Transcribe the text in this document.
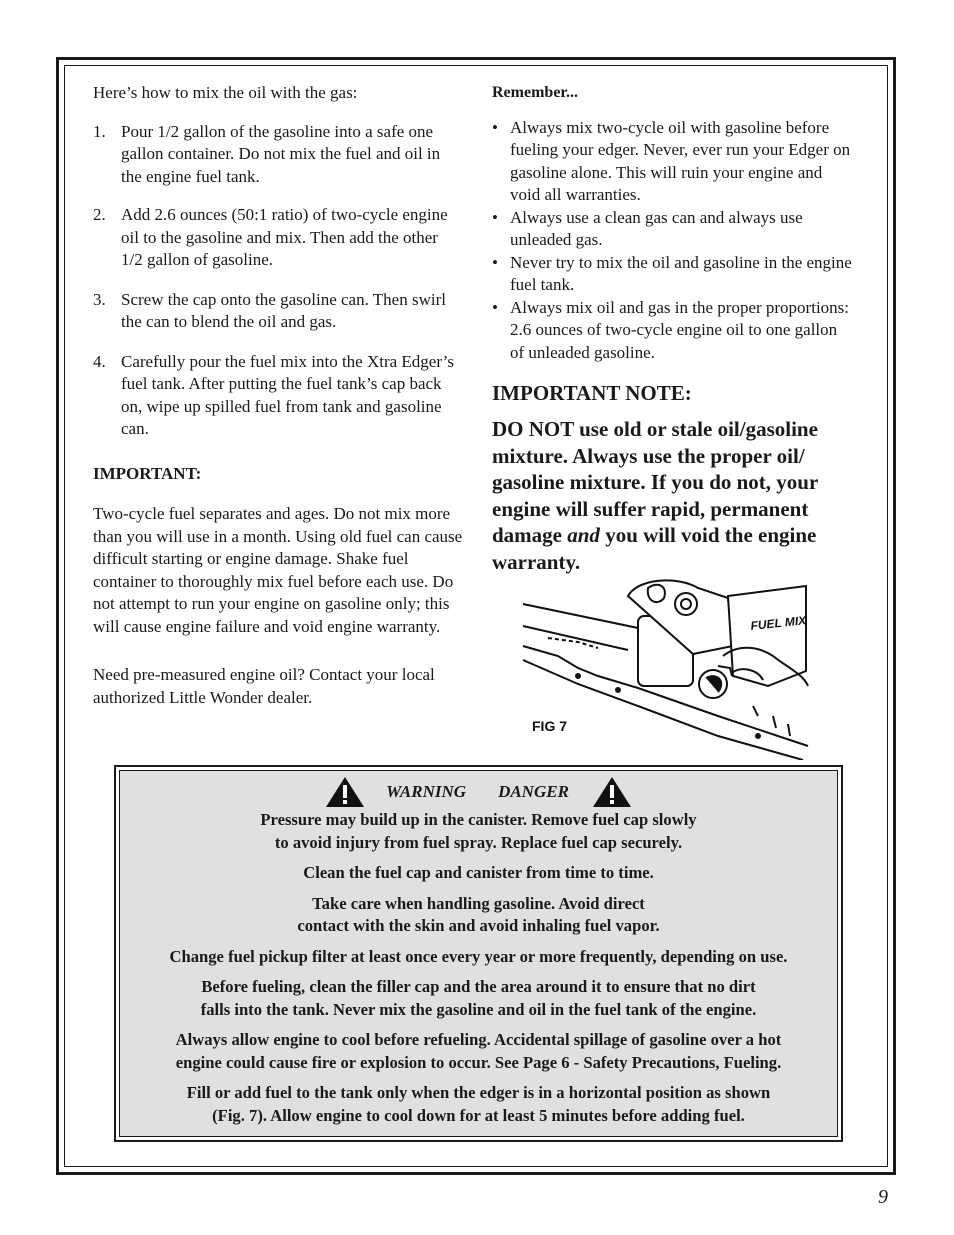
Here’s how to mix the oil with the gas:

1. Pour 1/2 gallon of the gasoline into a safe one gallon container. Do not mix the fuel and oil in the engine fuel tank.
2. Add 2.6 ounces (50:1 ratio) of two-cycle engine oil to the gasoline and mix. Then add the other 1/2 gallon of gasoline.
3. Screw the cap onto the gasoline can. Then swirl the can to blend the oil and gas.
4. Carefully pour the fuel mix into the Xtra Edger’s fuel tank. After putting the fuel tank’s cap back on, wipe up spilled fuel from tank and gasoline can.

IMPORTANT:

Two-cycle fuel separates and ages. Do not mix more than you will use in a month. Using old fuel can cause difficult starting or engine damage. Shake fuel container to thoroughly mix fuel before each use. Do not attempt to run your engine on gasoline only; this will cause engine failure and void engine warranty.

Need pre-measured engine oil? Contact your local authorized Little Wonder dealer.

Remember...

• Always mix two-cycle oil with gasoline before fueling your edger. Never, ever run your Edger on gasoline alone. This will ruin your engine and void all warranties.
• Always use a clean gas can and always use unleaded gas.
• Never try to mix the oil and gasoline in the engine fuel tank.
• Always mix oil and gas in the proper proportions: 2.6 ounces of two-cycle engine oil to one gallon of unleaded gasoline.

IMPORTANT NOTE:

DO NOT use old or stale oil/gasoline mixture. Always use the proper oil/ gasoline mixture. If you do not, your engine will suffer rapid, permanent damage and you will void the engine warranty.

FUEL MIX
FIG 7
WARNING DANGER

Pressure may build up in the canister. Remove fuel cap slowly
to avoid injury from fuel spray. Replace fuel cap securely.

Clean the fuel cap and canister from time to time.

Take care when handling gasoline. Avoid direct
contact with the skin and avoid inhaling fuel vapor.

Change fuel pickup filter at least once every year or more frequently, depending on use.

Before fueling, clean the filler cap and the area around it to ensure that no dirt
falls into the tank. Never mix the gasoline and oil in the fuel tank of the engine.

Always allow engine to cool before refueling. Accidental spillage of gasoline over a hot
engine could cause fire or explosion to occur. See Page 6 - Safety Precautions, Fueling.

Fill or add fuel to the tank only when the edger is in a horizontal position as shown
(Fig. 7). Allow engine to cool down for at least 5 minutes before adding fuel.

9
